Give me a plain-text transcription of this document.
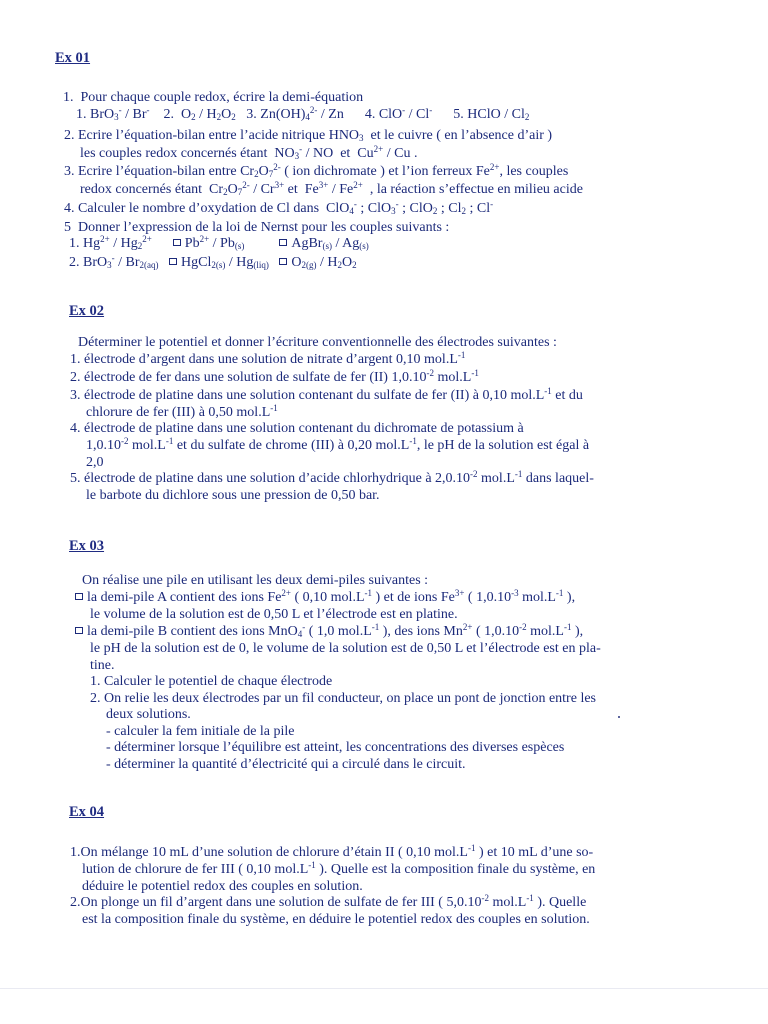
Ex 01
1.  Pour chaque couple redox, écrire la demi-équation
1. BrO$_3$- / Br-    2.  $O_2 / H_2O_2$   3. $Zn(OH)_4^{2-}$ / Zn      4. ClO- / Cl-      5. HClO / $Cl_2$
2. Ecrire l’équation-bilan entre l’acide nitrique $HNO_3$  et le cuivre ( en l’absence d’air )
les couples redox concernés étant  $NO_3^-$ / NO  et  $Cu^{2+}$ / Cu .
3. Ecrire l’équation-bilan entre $Cr_2O_7^{2-}$ ( ion dichromate ) et l’ion ferreux $Fe^{2+}$, les couples
redox concernés étant  $Cr_2O_7^{2-} / Cr^{3+}$ et  $Fe^{3+} / Fe^{2+}$  , la réaction s’effectue en milieu acide
4. Calculer le nombre d’oxydation de Cl dans  ClO$_4$- ; ClO$_3$- ; ClO$_2$ ; $Cl_2$ ; Cl-
5  Donner l’expression de la loi de Nernst pour les couples suivants :
1. $Hg^{2+} / Hg_2^{2+}$ $Pb^{2+} / Pb_{(s)}$	AgBr$_{(s)}$ / $Ag_{(s)}$
2. $BrO_3^- / Br_{2(aq)}$ HgCl$_{2(s)}$ / $Hg_{(liq)}$ $O_{2(g)} / H_2O_2$
Ex 02
Déterminer le potentiel et donner l’écriture conventionnelle des électrodes suivantes :
1. électrode d’argent dans une solution de nitrate d’argent 0,10 $mol.L^{-1}$
2. électrode de fer dans une solution de sulfate de fer (II) $1,0.10^{-2}$ $mol.L^{-1}$
3. électrode de platine dans une solution contenant du sulfate de fer (II) à 0,10 $mol.L^{-1}$ et du
chlorure de fer (III) à 0,50 $mol.L^{-1}$
4. électrode de platine dans une solution contenant du dichromate de potassium à
$1,0.10^{-2}$ $mol.L^{-1}$ et du sulfate de chrome (III) à 0,20 $mol.L^{-1}$, le pH de la solution est égal à
2,0
5. électrode de platine dans une solution d’acide chlorhydrique à $2,0.10^{-2}$ $mol.L^{-1}$ dans laquel-
le barbote du dichlore sous une pression de 0,50 bar.
Ex 03
On réalise une pile en utilisant les deux demi-piles suivantes :
la demi-pile A contient des ions $Fe^{2+}$ ( 0,10 $mol.L^{-1}$ ) et de ions $Fe^{3+}$ ( $1,0.10^{-3}$ $mol.L^{-1}$ ),
le volume de la solution est de 0,50 L et l’électrode est en platine.
la demi-pile B contient des ions MnO$_4$- ( 1,0 $mol.L^{-1}$ ), des ions $Mn^{2+}$ ( $1,0.10^{-2}$ $mol.L^{-1}$ ),
le pH de la solution est de 0, le volume de la solution est de 0,50 L et l’électrode est en pla-
tine.
1. Calculer le potentiel de chaque électrode
2. On relie les deux électrodes par un fil conducteur, on place un pont de jonction entre les
deux solutions.
- calculer la fem initiale de la pile
- déterminer lorsque l’équilibre est atteint, les concentrations des diverses espèces
- déterminer la quantité d’électricité qui a circulé dans le circuit.
Ex 04
1.On mélange 10 mL d’une solution de chlorure d’étain II ( 0,10 $mol.L^{-1}$ ) et 10 mL d’une so-
lution de chlorure de fer III ( 0,10 $mol.L^{-1}$ ). Quelle est la composition finale du système, en
déduire le potentiel redox des couples en solution.
2.On plonge un fil d’argent dans une solution de sulfate de fer III ( $5,0.10^{-2}$ $mol.L^{-1}$ ). Quelle
est la composition finale du système, en déduire le potentiel redox des couples en solution.
